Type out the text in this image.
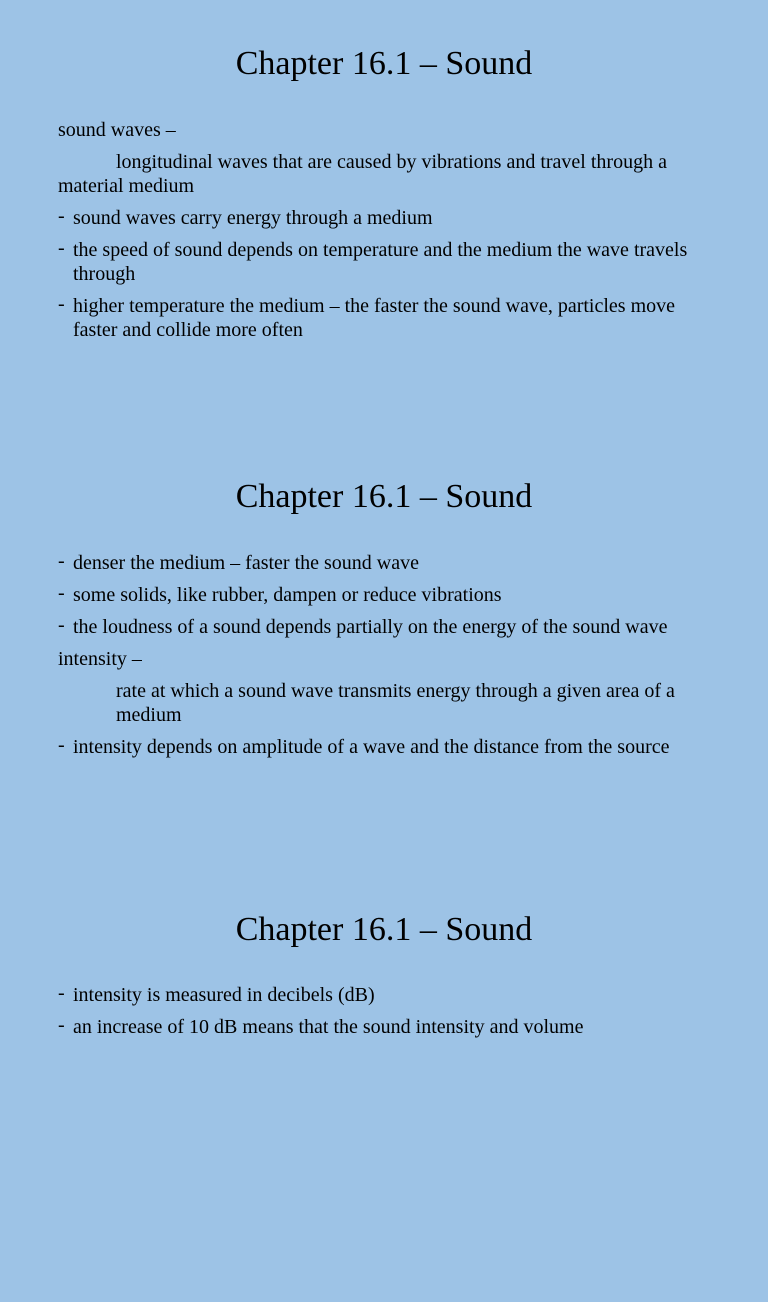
Chapter 16.1 – Sound
sound waves –
longitudinal waves that are caused by vibrations and travel through a material medium
- sound waves carry energy through a medium
- the speed of sound depends on temperature and the medium the wave travels through
- higher temperature the medium – the faster the sound wave, particles move faster and collide more often
Chapter 16.1 – Sound
- denser the medium – faster the sound wave
- some solids, like rubber, dampen or reduce vibrations
- the loudness of a sound depends partially on the energy of the sound wave
intensity –
rate at which a sound wave transmits energy through a given area of a medium
- intensity depends on amplitude of a wave and the distance from the source
Chapter 16.1 – Sound
- intensity is measured in decibels (dB)
- an increase of 10 dB means that the sound intensity and volume
